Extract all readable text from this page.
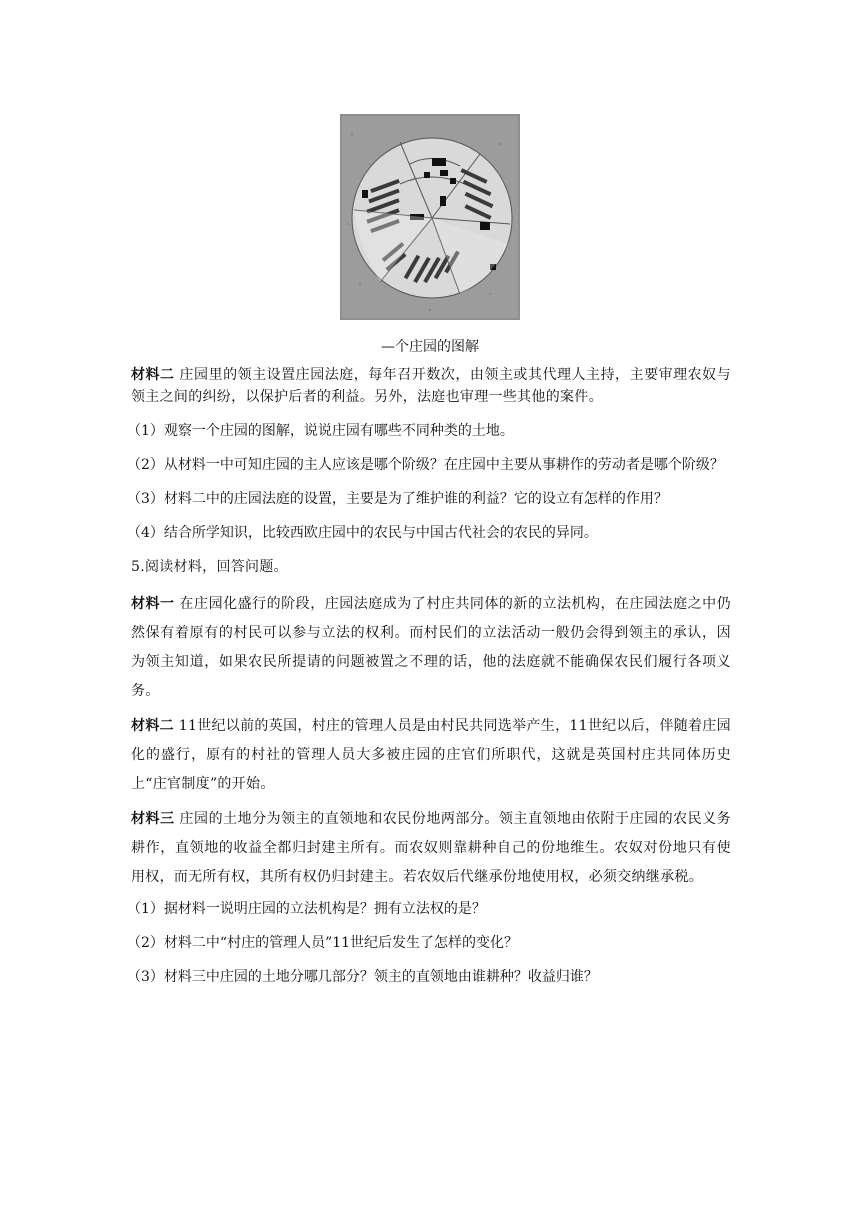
—个庄园的图解

材料二 庄园里的领主设置庄园法庭，每年召开数次，由领主或其代理人主持，主要审理农奴与领主之间的纠纷，以保护后者的利益。另外，法庭也审理一些其他的案件。

（1）观察一个庄园的图解，说说庄园有哪些不同种类的土地。

（2）从材料一中可知庄园的主人应该是哪个阶级？在庄园中主要从事耕作的劳动者是哪个阶级？

（3）材料二中的庄园法庭的设置，主要是为了维护谁的利益？它的设立有怎样的作用？

（4）结合所学知识，比较西欧庄园中的农民与中国古代社会的农民的异同。

5.阅读材料，回答问题。

材料一 在庄园化盛行的阶段，庄园法庭成为了村庄共同体的新的立法机构，在庄园法庭之中仍然保有着原有的村民可以参与立法的权利。而村民们的立法活动一般仍会得到领主的承认，因为领主知道，如果农民所提请的问题被置之不理的话，他的法庭就不能确保农民们履行各项义务。

材料二 11世纪以前的英国，村庄的管理人员是由村民共同选举产生，11世纪以后，伴随着庄园化的盛行，原有的村社的管理人员大多被庄园的庄官们所职代，这就是英国村庄共同体历史上“庄官制度”的开始。

材料三 庄园的土地分为领主的直领地和农民份地两部分。领主直领地由依附于庄园的农民义务耕作，直领地的收益全都归封建主所有。而农奴则靠耕种自己的份地维生。农奴对份地只有使用权，而无所有权，其所有权仍归封建主。若农奴后代继承份地使用权，必须交纳继承税。

（1）据材料一说明庄园的立法机构是？拥有立法权的是？

（2）材料二中“村庄的管理人员”11世纪后发生了怎样的变化？

（3）材料三中庄园的土地分哪几部分？领主的直领地由谁耕种？收益归谁？
